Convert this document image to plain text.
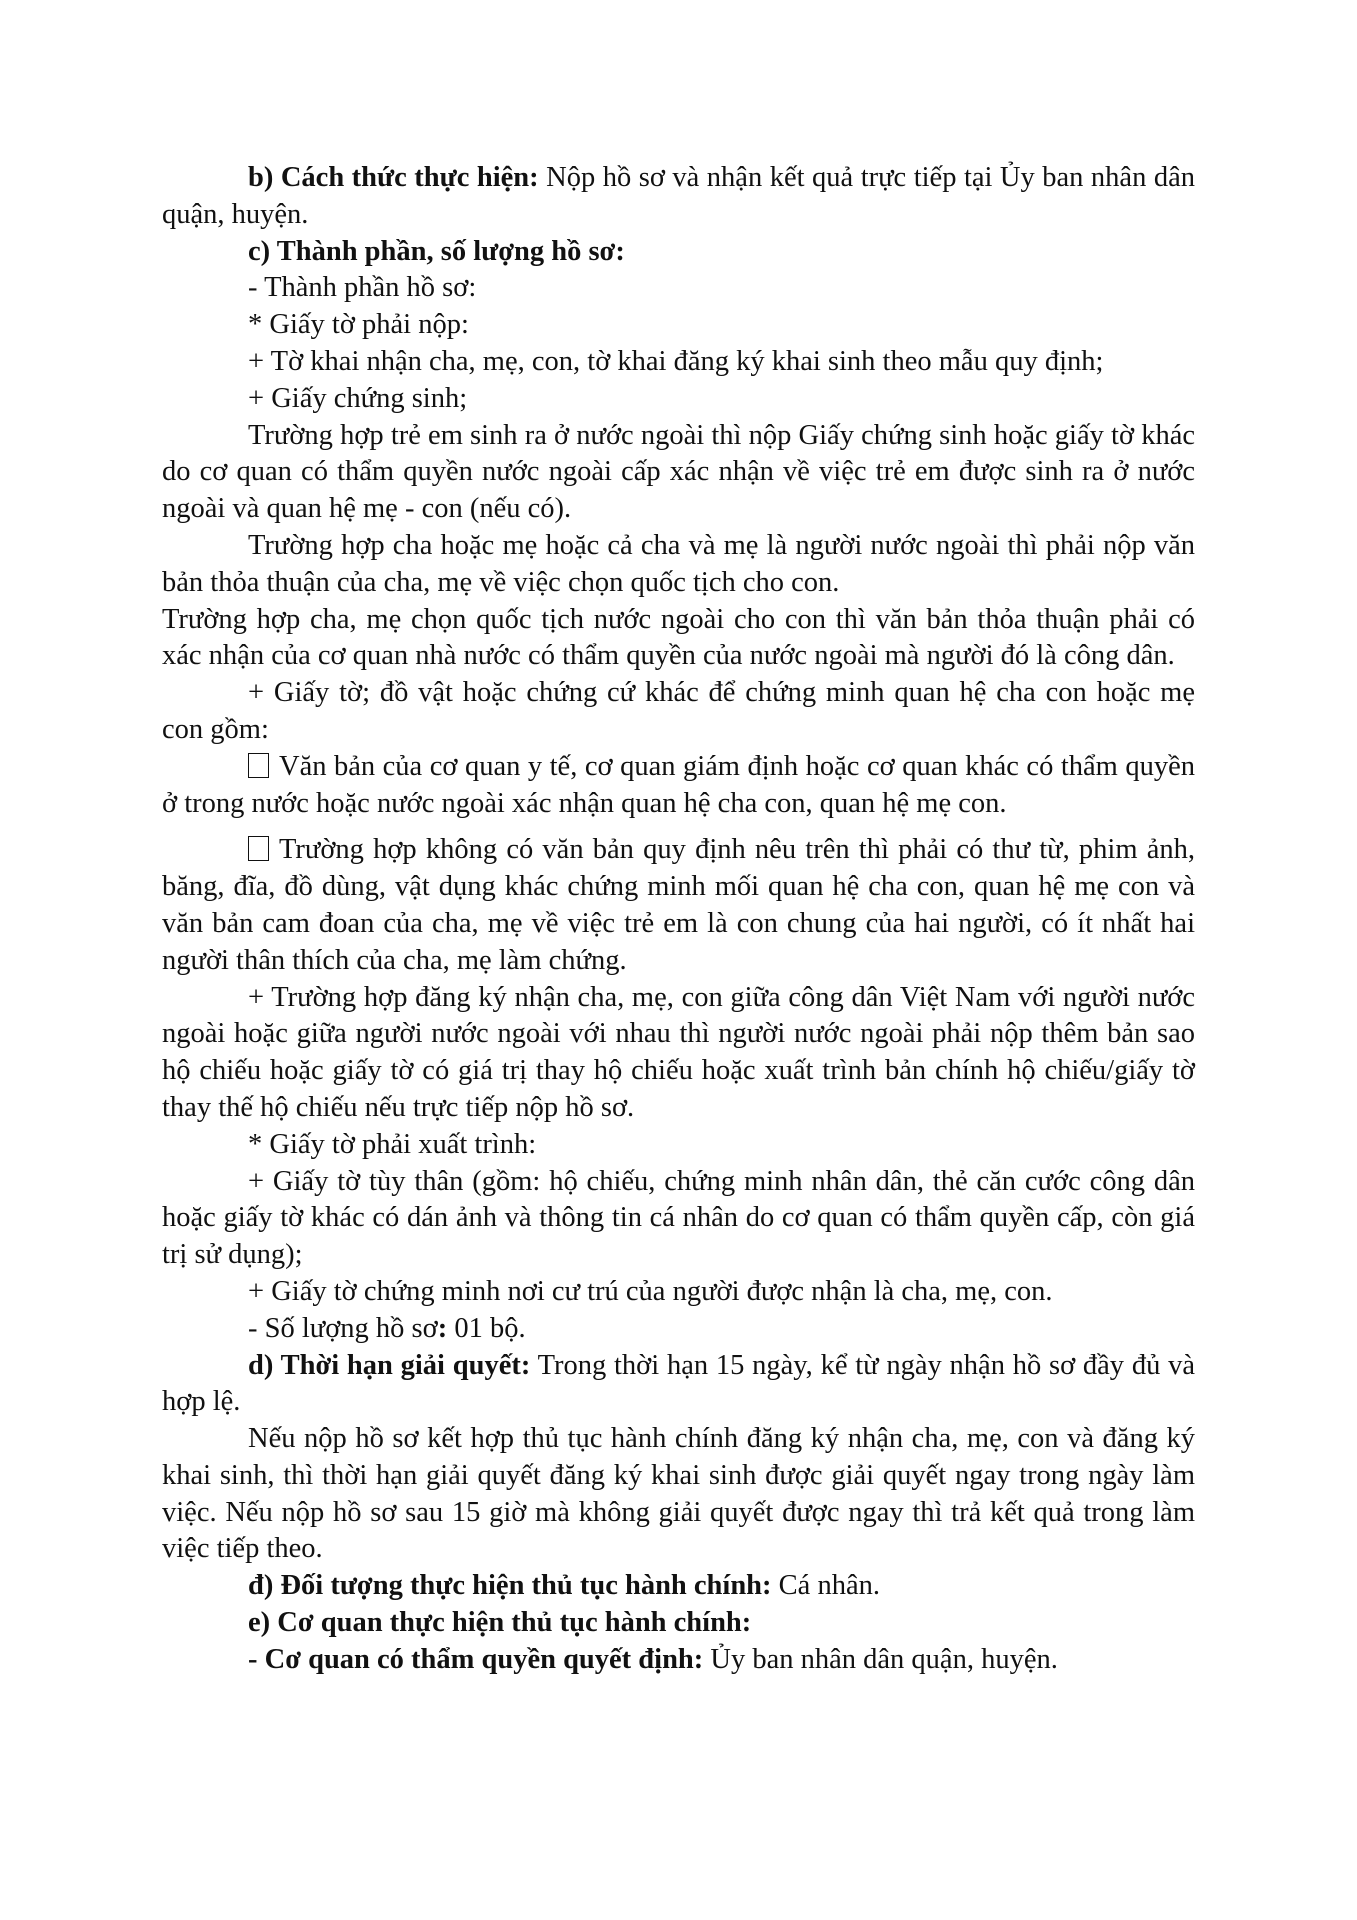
b) Cách thức thực hiện: Nộp hồ sơ và nhận kết quả trực tiếp tại Ủy ban nhân dân quận, huyện.

c) Thành phần, số lượng hồ sơ:

- Thành phần hồ sơ:

* Giấy tờ phải nộp:

+ Tờ khai nhận cha, mẹ, con, tờ khai đăng ký khai sinh theo mẫu quy định;

+ Giấy chứng sinh;

Trường hợp trẻ em sinh ra ở nước ngoài thì nộp Giấy chứng sinh hoặc giấy tờ khác do cơ quan có thẩm quyền nước ngoài cấp xác nhận về việc trẻ em được sinh ra ở nước ngoài và quan hệ mẹ - con (nếu có).

Trường hợp cha hoặc mẹ hoặc cả cha và mẹ là người nước ngoài thì phải nộp văn bản thỏa thuận của cha, mẹ về việc chọn quốc tịch cho con.

Trường hợp cha, mẹ chọn quốc tịch nước ngoài cho con thì văn bản thỏa thuận phải có xác nhận của cơ quan nhà nước có thẩm quyền của nước ngoài mà người đó là công dân.

+ Giấy tờ; đồ vật hoặc chứng cứ khác để chứng minh quan hệ cha con hoặc mẹ con gồm:

Văn bản của cơ quan y tế, cơ quan giám định hoặc cơ quan khác có thẩm quyền ở trong nước hoặc nước ngoài xác nhận quan hệ cha con, quan hệ mẹ con.

Trường hợp không có văn bản quy định nêu trên thì phải có thư từ, phim ảnh, băng, đĩa, đồ dùng, vật dụng khác chứng minh mối quan hệ cha con, quan hệ mẹ con và văn bản cam đoan của cha, mẹ về việc trẻ em là con chung của hai người, có ít nhất hai người thân thích của cha, mẹ làm chứng.

+ Trường hợp đăng ký nhận cha, mẹ, con giữa công dân Việt Nam với người nước ngoài hoặc giữa người nước ngoài với nhau thì người nước ngoài phải nộp thêm bản sao hộ chiếu hoặc giấy tờ có giá trị thay hộ chiếu hoặc xuất trình bản chính hộ chiếu/giấy tờ thay thế hộ chiếu nếu trực tiếp nộp hồ sơ.

* Giấy tờ phải xuất trình:

+ Giấy tờ tùy thân (gồm: hộ chiếu, chứng minh nhân dân, thẻ căn cước công dân hoặc giấy tờ khác có dán ảnh và thông tin cá nhân do cơ quan có thẩm quyền cấp, còn giá trị sử dụng);

+ Giấy tờ chứng minh nơi cư trú của người được nhận là cha, mẹ, con.

- Số lượng hồ sơ: 01 bộ.

d) Thời hạn giải quyết: Trong thời hạn 15 ngày, kể từ ngày nhận hồ sơ đầy đủ và hợp lệ.

Nếu nộp hồ sơ kết hợp thủ tục hành chính đăng ký nhận cha, mẹ, con và đăng ký khai sinh, thì thời hạn giải quyết đăng ký khai sinh được giải quyết ngay trong ngày làm việc. Nếu nộp hồ sơ sau 15 giờ mà không giải quyết được ngay thì trả kết quả trong làm việc tiếp theo.

đ) Đối tượng thực hiện thủ tục hành chính: Cá nhân.

e) Cơ quan thực hiện thủ tục hành chính:

- Cơ quan có thẩm quyền quyết định: Ủy ban nhân dân quận, huyện.
